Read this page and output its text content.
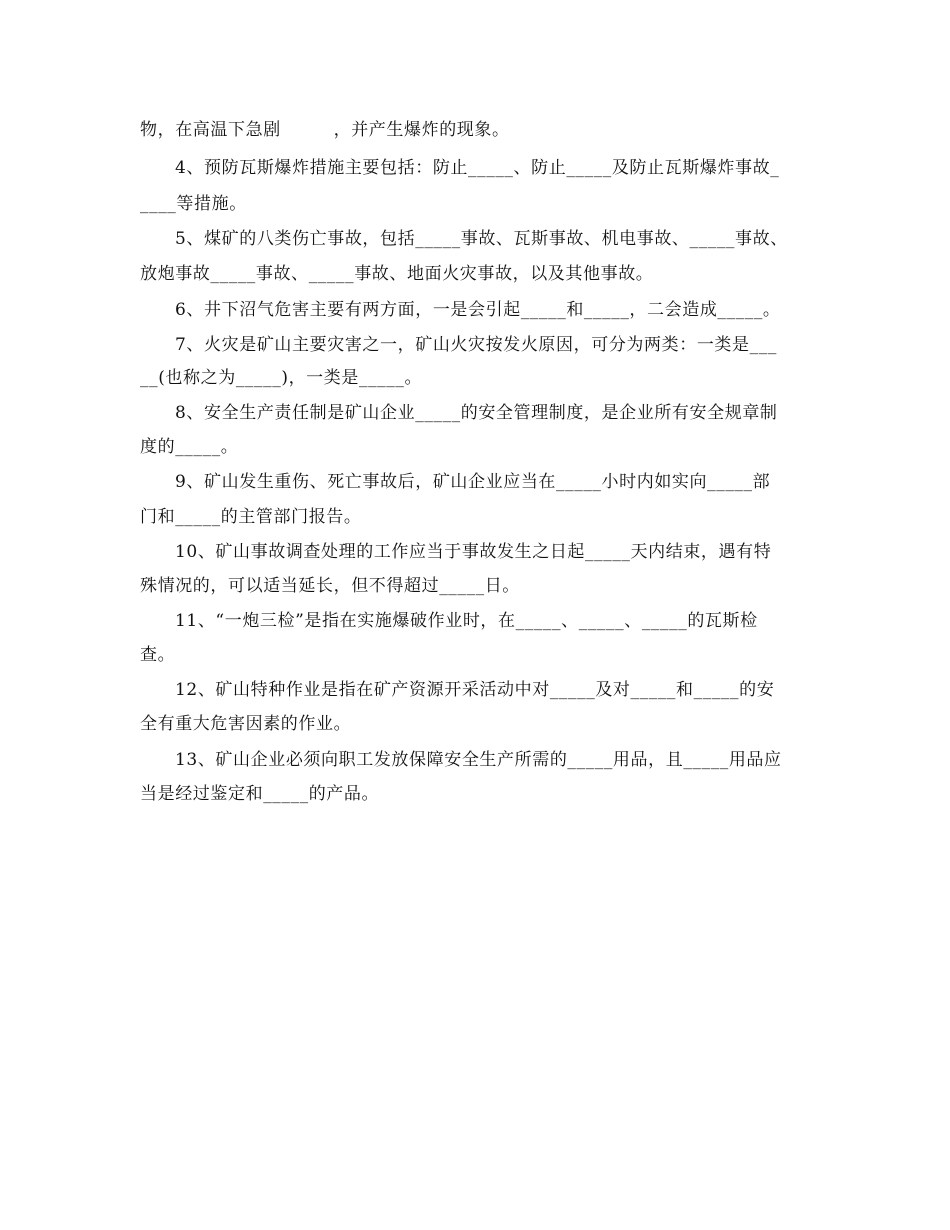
物，在高温下急剧　　　，并产生爆炸的现象。
4、预防瓦斯爆炸措施主要包括：防止_____、防止_____及防止瓦斯爆炸事故_
____等措施。
5、煤矿的八类伤亡事故，包括_____事故、瓦斯事故、机电事故、_____事故、
放炮事故_____事故、_____事故、地面火灾事故，以及其他事故。
6、井下沼气危害主要有两方面，一是会引起_____和_____，二会造成_____。
7、火灾是矿山主要灾害之一，矿山火灾按发火原因，可分为两类：一类是___
__(也称之为_____)，一类是_____。
8、安全生产责任制是矿山企业_____的安全管理制度，是企业所有安全规章制
度的_____。
9、矿山发生重伤、死亡事故后，矿山企业应当在_____小时内如实向_____部
门和_____的主管部门报告。
10、矿山事故调查处理的工作应当于事故发生之日起_____天内结束，遇有特
殊情况的，可以适当延长，但不得超过_____日。
11、“一炮三检”是指在实施爆破作业时，在_____、_____、_____的瓦斯检
查。
12、矿山特种作业是指在矿产资源开采活动中对_____及对_____和_____的安
全有重大危害因素的作业。
13、矿山企业必须向职工发放保障安全生产所需的_____用品，且_____用品应
当是经过鉴定和_____的产品。
